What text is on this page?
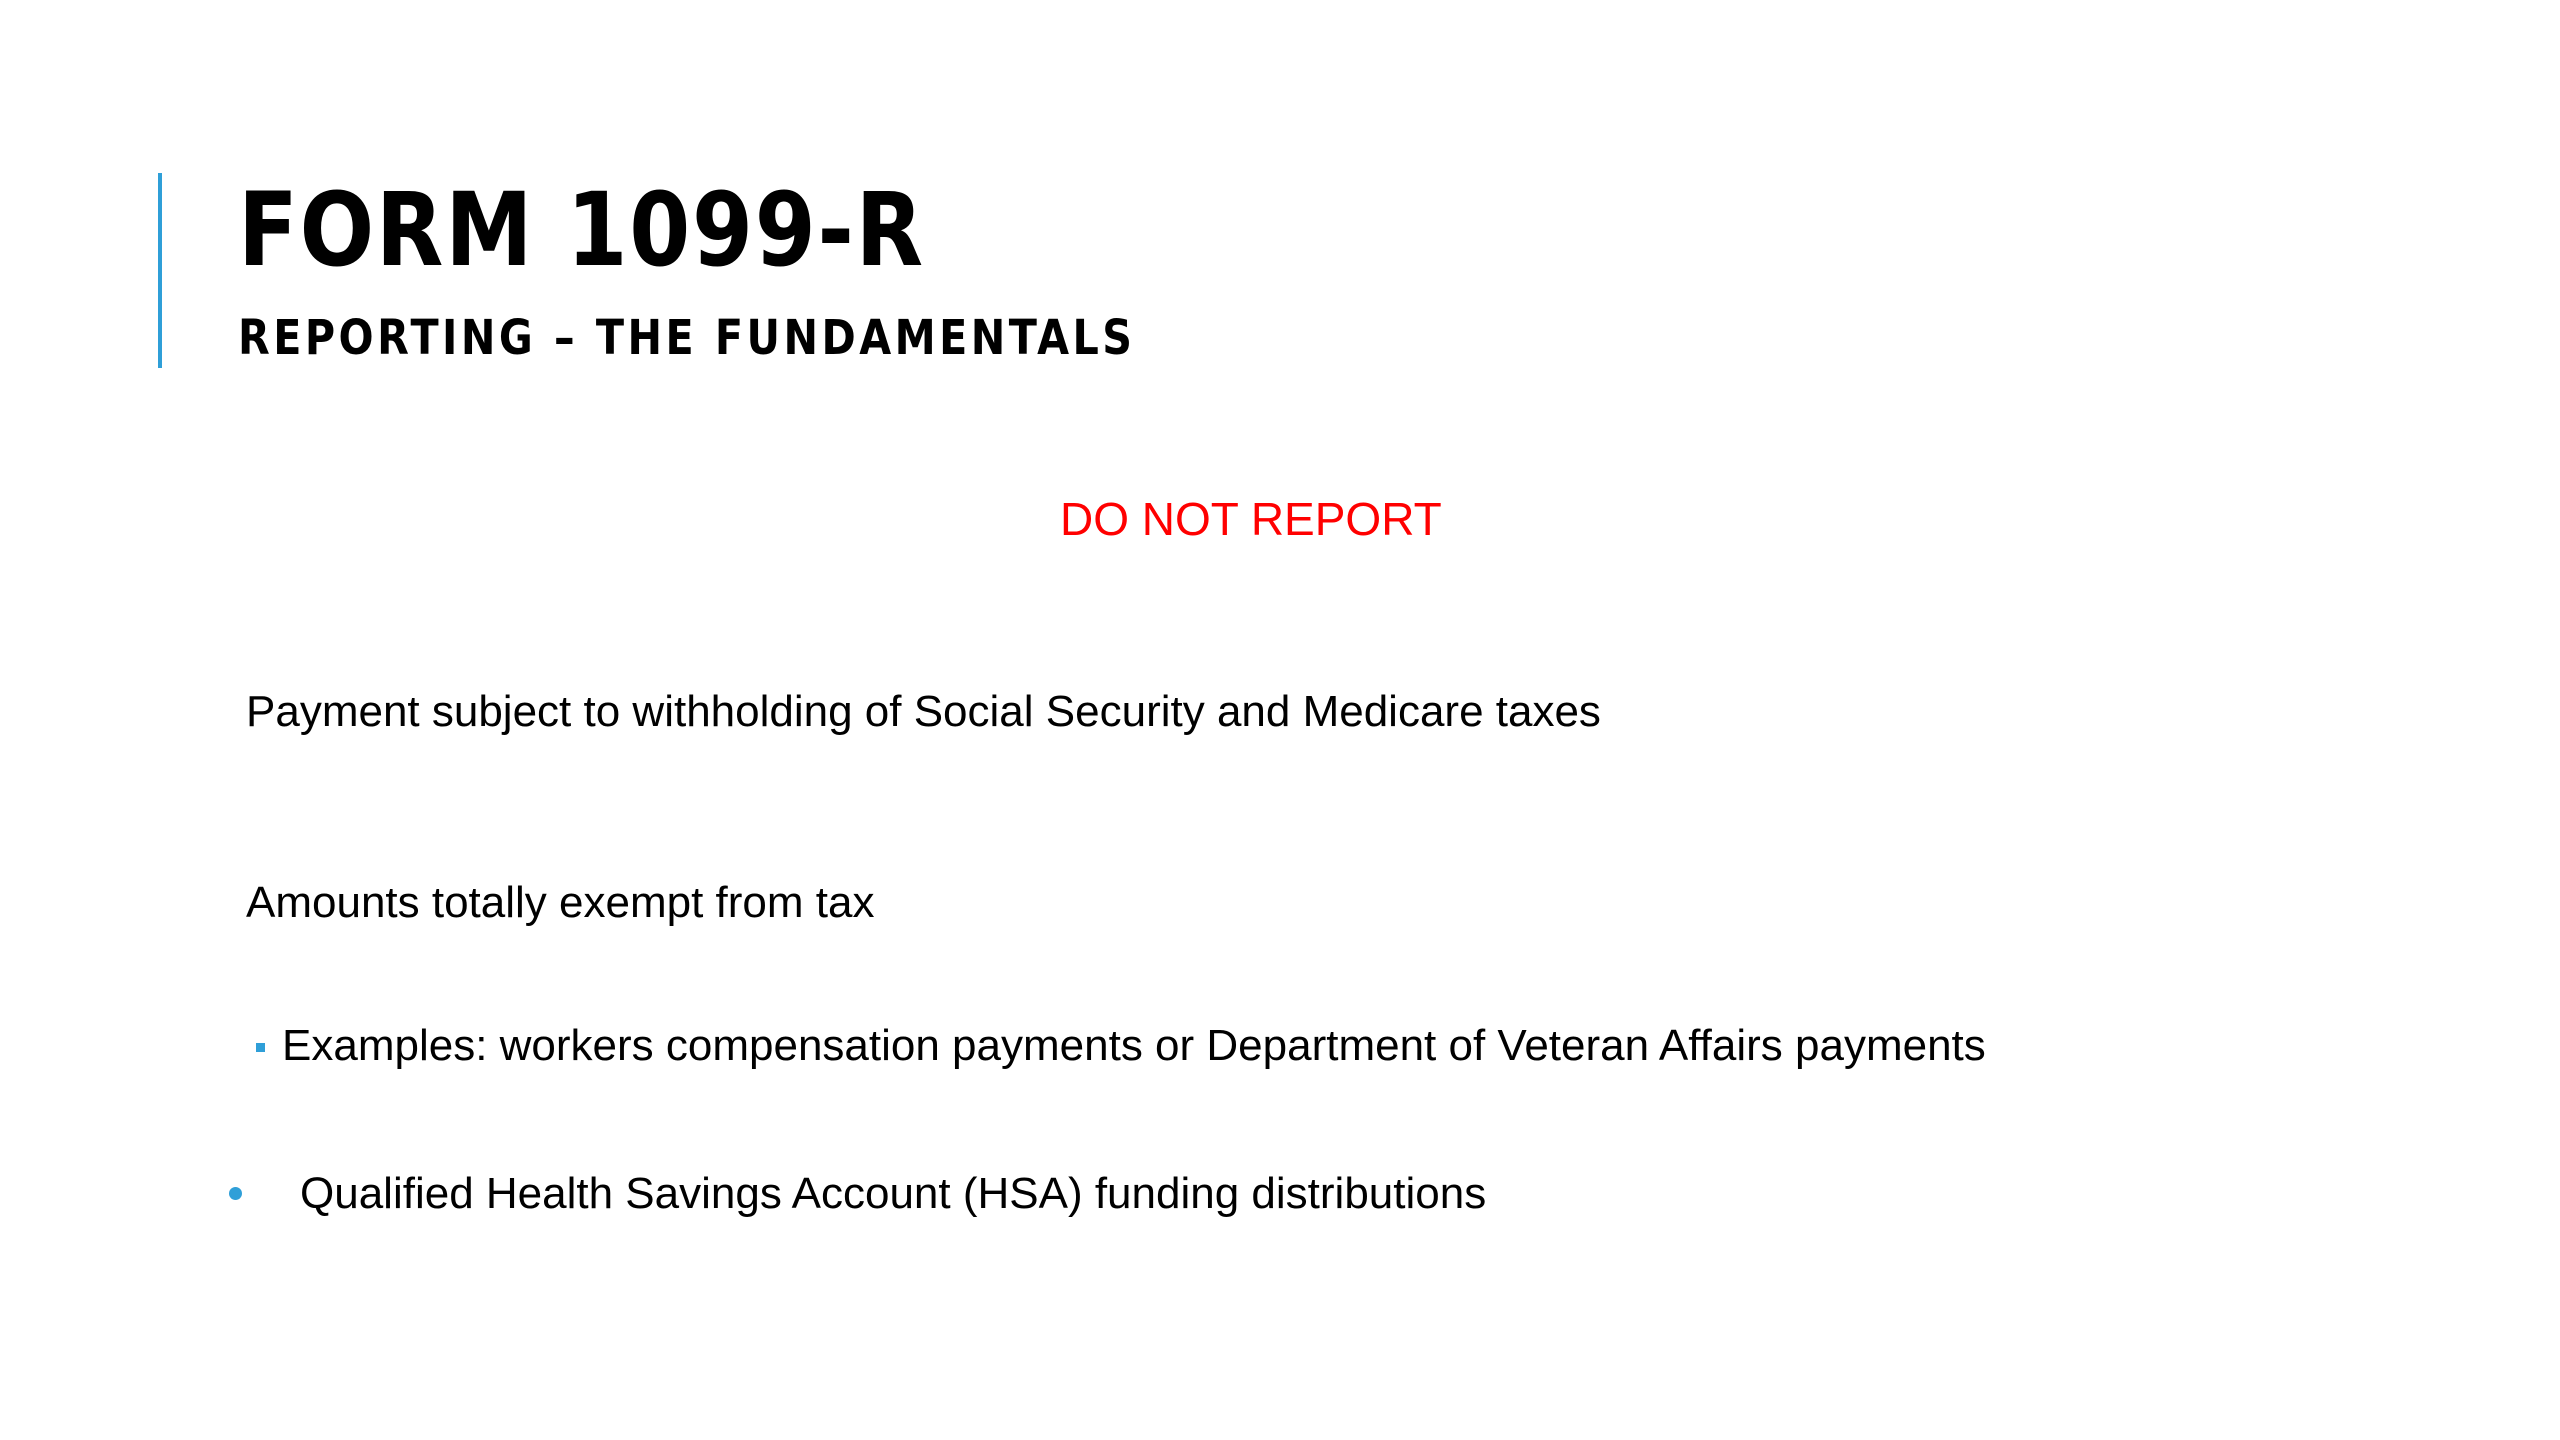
FORM 1099-R
REPORTING – THE FUNDAMENTALS
DO NOT REPORT
Payment subject to withholding of Social Security and Medicare taxes
Amounts totally exempt from tax
Examples: workers compensation payments or Department of Veteran Affairs payments
Qualified Health Savings Account (HSA) funding distributions
